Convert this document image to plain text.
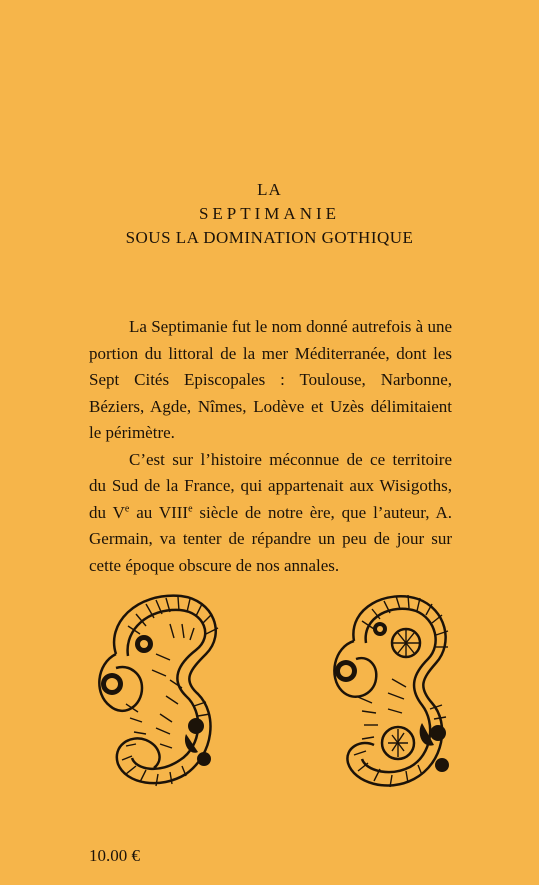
LA
SEPTIMANIE
SOUS LA DOMINATION GOTHIQUE

La Septimanie fut le nom donné autrefois à une portion du littoral de la mer Méditerranée, dont les Sept Cités Episcopales : Toulouse, Narbonne, Béziers, Agde, Nîmes, Lodève et Uzès délimitaient le périmètre.

C’est sur l’histoire méconnue de ce territoire du Sud de la France, qui appartenait aux Wisigoths, du Ve au VIIIe siècle de notre ère, que l’auteur, A. Germain, va tenter de répandre un peu de jour sur cette époque obscure de nos annales.

10.00 €
